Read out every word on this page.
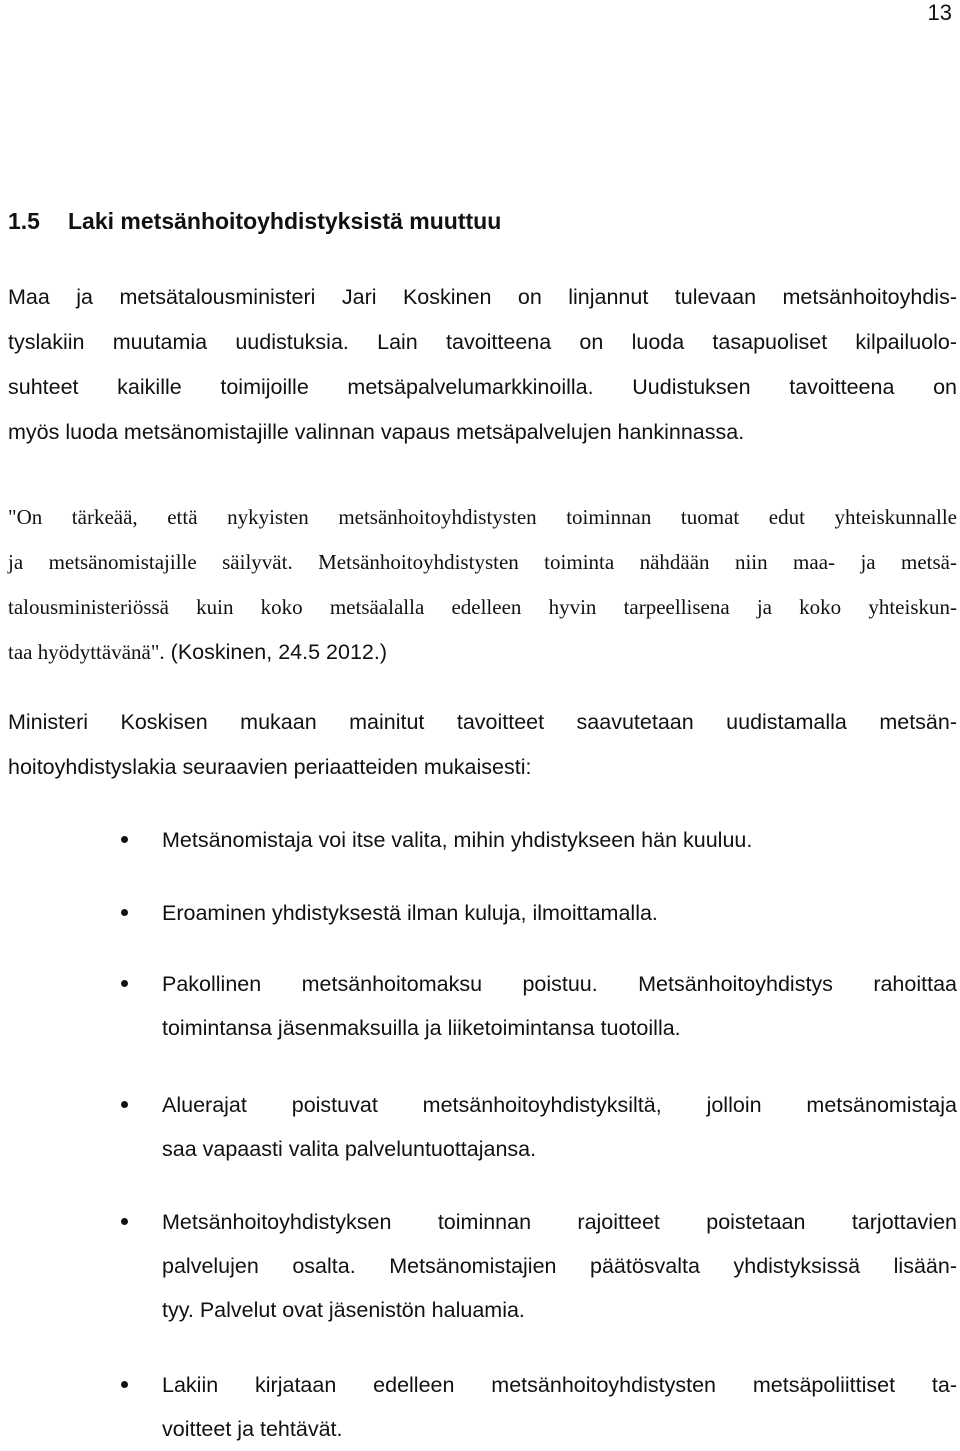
13
1.5 Laki metsänhoitoyhdistyksistä muuttuu
Maa ja metsätalousministeri Jari Koskinen on linjannut tulevaan metsänhoitoyhdis-
tyslakiin muutamia uudistuksia. Lain tavoitteena on luoda tasapuoliset kilpailuolo-
suhteet kaikille toimijoille metsäpalvelumarkkinoilla. Uudistuksen tavoitteena on
myös luoda metsänomistajille valinnan vapaus metsäpalvelujen hankinnassa.
"On tärkeää, että nykyisten metsänhoitoyhdistysten toiminnan tuomat edut yhteiskunnalle
ja metsänomistajille säilyvät. Metsänhoitoyhdistysten toiminta nähdään niin maa- ja metsä-
talousministeriössä kuin koko metsäalalla edelleen hyvin tarpeellisena ja koko yhteiskun-
taa hyödyttävänä". (Koskinen, 24.5 2012.)
Ministeri Koskisen mukaan mainitut tavoitteet saavutetaan uudistamalla metsän-
hoitoyhdistyslakia seuraavien periaatteiden mukaisesti:
Metsänomistaja voi itse valita, mihin yhdistykseen hän kuuluu.
Eroaminen yhdistyksestä ilman kuluja, ilmoittamalla.
Pakollinen metsänhoitomaksu poistuu. Metsänhoitoyhdistys rahoittaa
toimintansa jäsenmaksuilla ja liiketoimintansa tuotoilla.
Aluerajat poistuvat metsänhoitoyhdistyksiltä, jolloin metsänomistaja
saa vapaasti valita palveluntuottajansa.
Metsänhoitoyhdistyksen toiminnan rajoitteet poistetaan tarjottavien
palvelujen osalta. Metsänomistajien päätösvalta yhdistyksissä lisään-
tyy. Palvelut ovat jäsenistön haluamia.
Lakiin kirjataan edelleen metsänhoitoyhdistysten metsäpoliittiset ta-
voitteet ja tehtävät.
